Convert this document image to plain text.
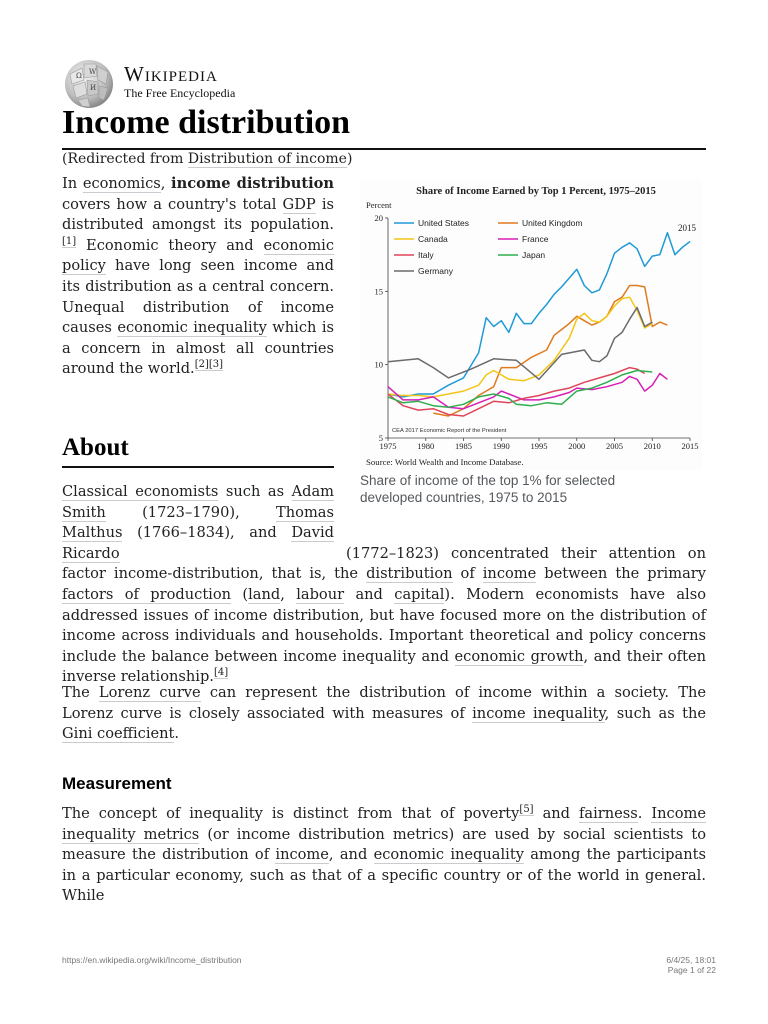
Ω W
И
Wikipedia
The Free Encyclopedia
Income distribution
(Redirected from Distribution of income)

In economics, income distribution covers how a country's total GDP is distributed amongst its population.[1] Economic theory and economic policy have long seen income and its distribution as a central concern. Unequal distribution of income causes economic inequality which is a concern in almost all countries around the world.[2][3]

Share of Income Earned by Top 1 Percent, 1975–2015
Percent
5
10
15
20
1975 1980 1985 1990 1995 2000 2005 2010 2015
United States	United Kingdom
Canada	France
Italy	Japan
Germany
2015
CEA 2017 Economic Report of the President
Source: World Wealth and Income Database.
Share of income of the top 1% for selected developed countries, 1975 to 2015
About

Classical economists such as Adam Smith (1723–1790), Thomas Malthus (1766–1834), and David Ricardo	(1772–1823) concentrated their attention on factor income-distribution, that is, the distribution of income between the primary factors of production (land, labour and capital). Modern economists have also addressed issues of income distribution, but have focused more on the distribution of income across individuals and households. Important theoretical and policy concerns include the balance between income inequality and economic growth, and their often inverse relationship.[4]

The Lorenz curve can represent the distribution of income within a society. The Lorenz curve is closely associated with measures of income inequality, such as the Gini coefficient.

Measurement

The concept of inequality is distinct from that of poverty[5] and fairness. Income inequality metrics (or income distribution metrics) are used by social scientists to measure the distribution of income, and economic inequality among the participants in a particular economy, such as that of a specific country or of the world in general. While

https://en.wikipedia.org/wiki/Income_distribution	6/4/25, 18:01
Page 1 of 22
